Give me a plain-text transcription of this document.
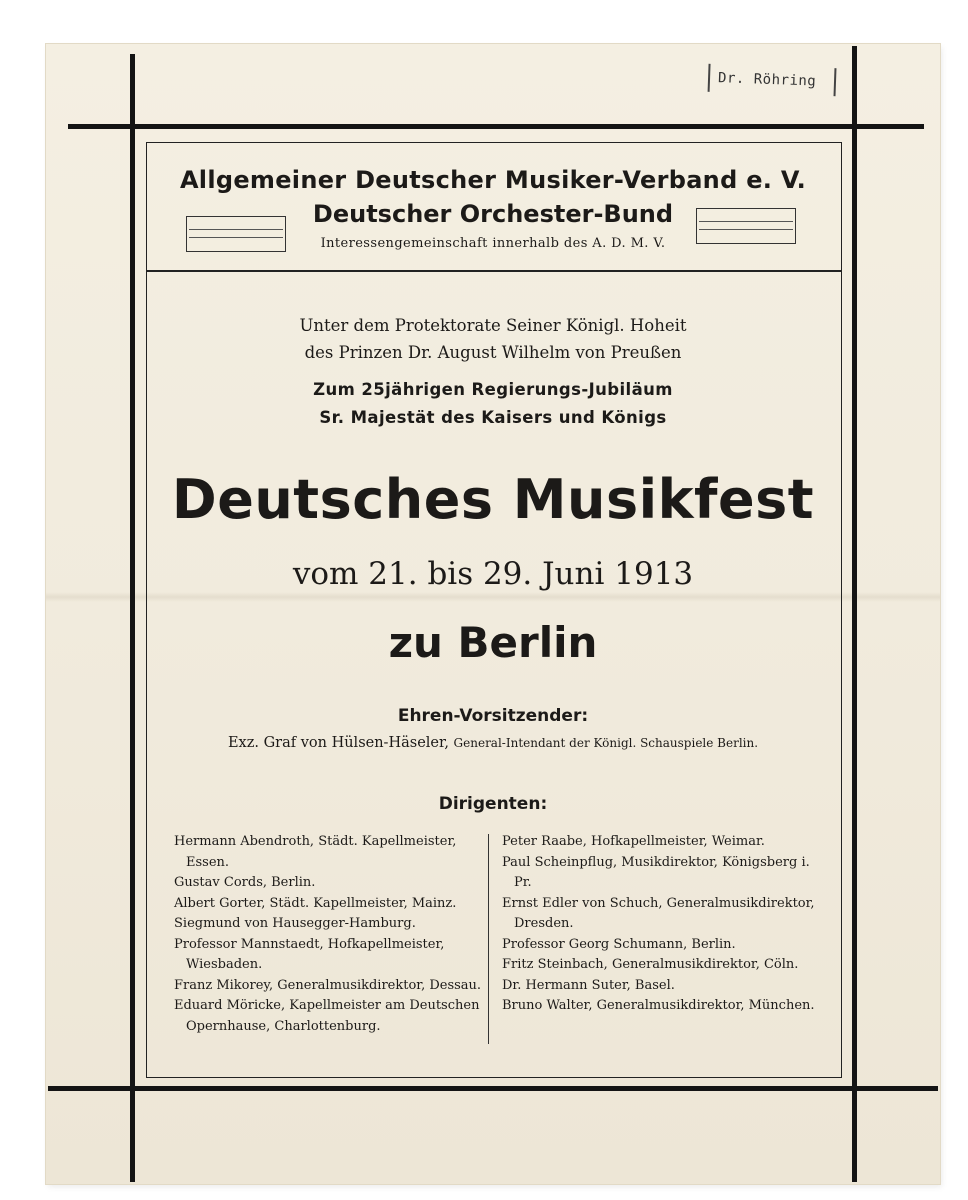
Dr. Röhring
Allgemeiner Deutscher Musiker-Verband e. V.
Deutscher Orchester-Bund
Interessengemeinschaft innerhalb des A. D. M. V.
Unter dem Protektorate Seiner Königl. Hoheit
des Prinzen Dr. August Wilhelm von Preußen
Zum 25jährigen Regierungs-Jubiläum
Sr. Majestät des Kaisers und Königs
Deutsches Musikfest
vom 21. bis 29. Juni 1913
zu Berlin
Ehren-Vorsitzender:
Exz. Graf von Hülsen-Häseler, General-Intendant der Königl. Schauspiele Berlin.
Dirigenten:
Hermann Abendroth, Städt. Kapellmeister, Essen.
Gustav Cords, Berlin.
Albert Gorter, Städt. Kapellmeister, Mainz.
Siegmund von Hausegger-Hamburg.
Professor Mannstaedt, Hofkapellmeister, Wiesbaden.
Franz Mikorey, Generalmusikdirektor, Dessau.
Eduard Möricke, Kapellmeister am Deutschen Opernhause, Charlottenburg.
Peter Raabe, Hofkapellmeister, Weimar.
Paul Scheinpflug, Musikdirektor, Königsberg i. Pr.
Ernst Edler von Schuch, Generalmusikdirektor, Dresden.
Professor Georg Schumann, Berlin.
Fritz Steinbach, Generalmusikdirektor, Cöln.
Dr. Hermann Suter, Basel.
Bruno Walter, Generalmusikdirektor, München.
